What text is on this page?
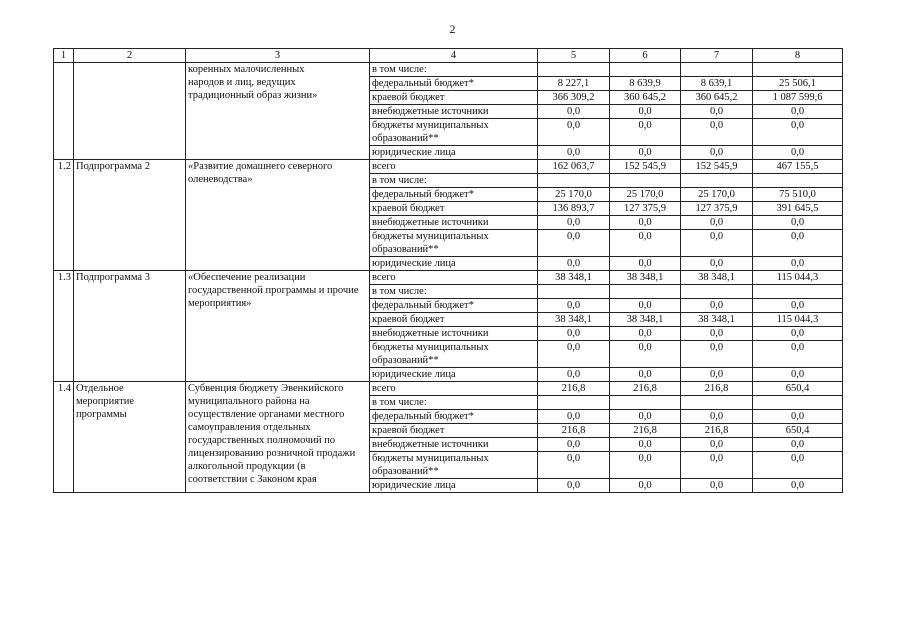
2
1	2	3	4	5	6	7	8

		коренных малочисленных
народов и лиц, ведущих
традиционный образ жизни»	в том числе:				
			федеральный бюджет*	8 227,1	8 639,9	8 639,1	25 506,1
			краевой бюджет	366 309,2	360 645,2	360 645,2	1 087 599,6
			внебюджетные источники	0,0	0,0	0,0	0,0
			бюджеты муниципальных образований**	0,0	0,0	0,0	0,0
			юридические лица	0,0	0,0	0,0	0,0
1.2	Подпрограмма 2	«Развитие домашнего северного оленеводства»	всего	162 063,7	152 545,9	152 545,9	467 155,5
			в том числе:				
			федеральный бюджет*	25 170,0	25 170,0	25 170,0	75 510,0
			краевой бюджет	136 893,7	127 375,9	127 375,9	391 645,5
			внебюджетные источники	0,0	0,0	0,0	0,0
			бюджеты муниципальных образований**	0,0	0,0	0,0	0,0
			юридические лица	0,0	0,0	0,0	0,0
1.3	Подпрограмма 3	«Обеспечение реализации государственной программы и прочие мероприятия»	всего	38 348,1	38 348,1	38 348,1	115 044,3
			в том числе:				
			федеральный бюджет*	0,0	0,0	0,0	0,0
			краевой бюджет	38 348,1	38 348,1	38 348,1	115 044,3
			внебюджетные источники	0,0	0,0	0,0	0,0
			бюджеты муниципальных образований**	0,0	0,0	0,0	0,0
			юридические лица	0,0	0,0	0,0	0,0
1.4	Отдельное мероприятие программы	Субвенция бюджету Эвенкийского муниципального района на осуществление органами местного самоуправления отдельных государственных полномочий по лицензированию розничной продажи алкогольной продукции (в соответствии с Законом края	всего	216,8	216,8	216,8	650,4
			в том числе:				
			федеральный бюджет*	0,0	0,0	0,0	0,0
			краевой бюджет	216,8	216,8	216,8	650,4
			внебюджетные источники	0,0	0,0	0,0	0,0
			бюджеты муниципальных образований**	0,0	0,0	0,0	0,0
			юридические лица	0,0	0,0	0,0	0,0
